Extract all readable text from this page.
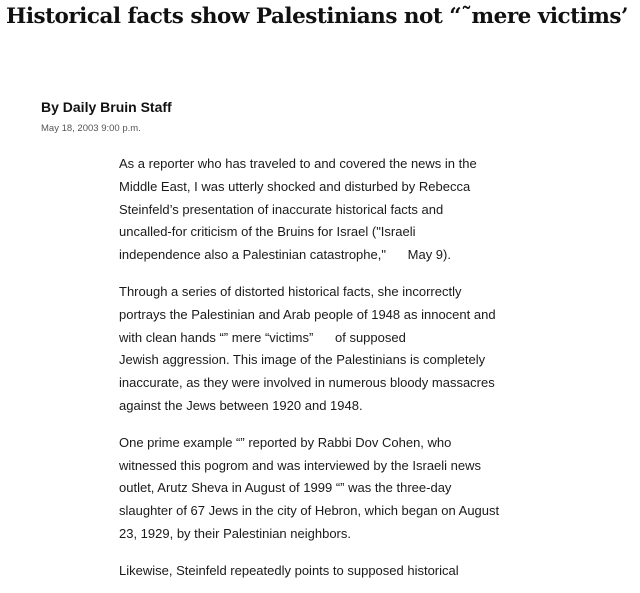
Historical facts show Palestinians not “˜mere victims’
By Daily Bruin Staff
May 18, 2003 9:00 p.m.

As a reporter who has traveled to and covered the news in the
Middle East, I was utterly shocked and disturbed by Rebecca
Steinfeld’s presentation of inaccurate historical facts and
uncalled-for criticism of the Bruins for Israel ("Israeli
independence also a Palestinian catastrophe,"      May 9).

Through a series of distorted historical facts, she incorrectly
portrays the Palestinian and Arab people of 1948 as innocent and
with clean hands “” mere “victims”      of supposed
Jewish aggression. This image of the Palestinians is completely
inaccurate, as they were involved in numerous bloody massacres
against the Jews between 1920 and 1948.

One prime example “” reported by Rabbi Dov Cohen, who
witnessed this pogrom and was interviewed by the Israeli news
outlet, Arutz Sheva in August of 1999 “” was the three-day
slaughter of 67 Jews in the city of Hebron, which began on August
23, 1929, by their Palestinian neighbors.

Likewise, Steinfeld repeatedly points to supposed historical
